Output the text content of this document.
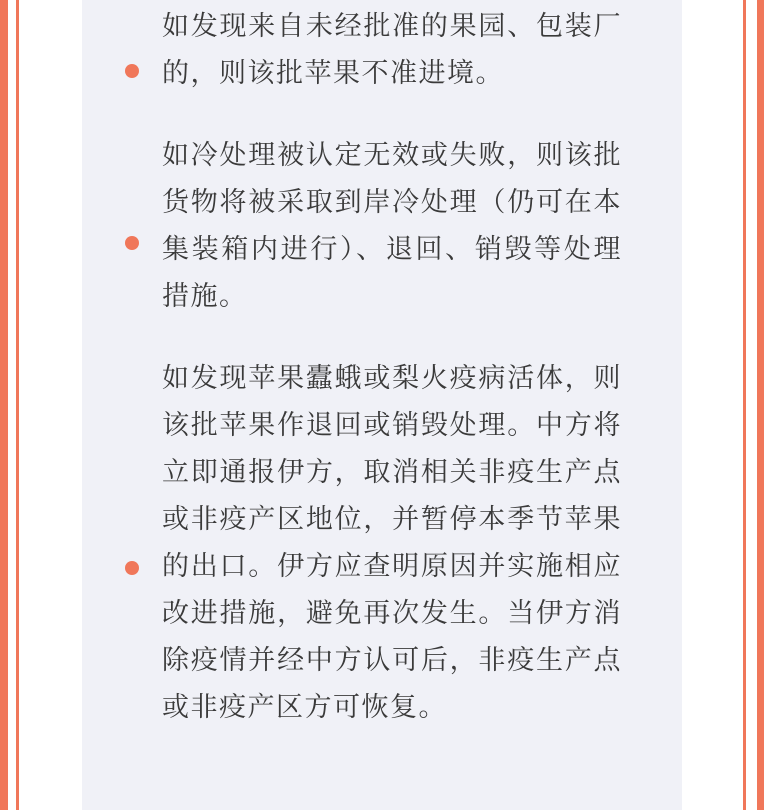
如发现来自未经批准的果园、包装厂的，则该批苹果不准进境。
如冷处理被认定无效或失败，则该批货物将被采取到岸冷处理（仍可在本集装箱内进行）、退回、销毁等处理措施。
如发现苹果蠹蛾或梨火疫病活体，则该批苹果作退回或销毁处理。中方将立即通报伊方，取消相关非疫生产点或非疫产区地位，并暂停本季节苹果的出口。伊方应查明原因并实施相应改进措施，避免再次发生。当伊方消除疫情并经中方认可后，非疫生产点或非疫产区方可恢复。
